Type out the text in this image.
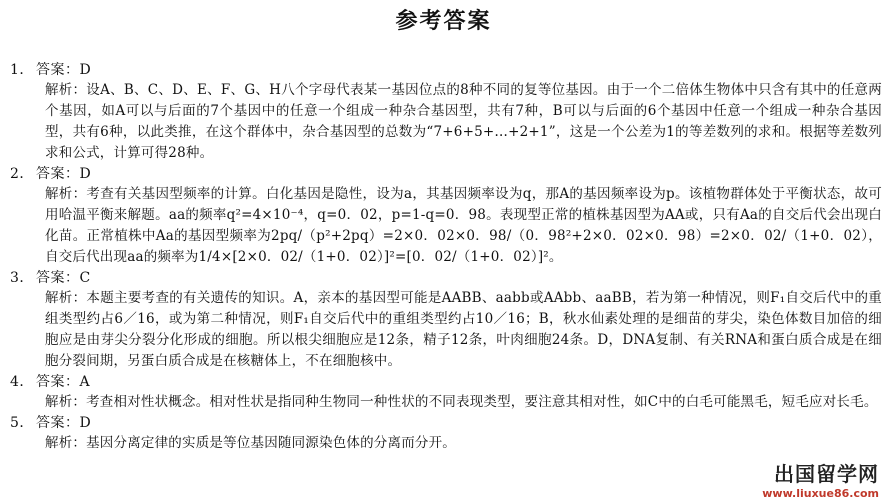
参考答案
1． 答案：D

解析：设A、B、C、D、E、F、G、H八个字母代表某一基因位点的8种不同的复等位基因。由于一个二倍体生物体中只含有其中的任意两个基因，如A可以与后面的7个基因中的任意一个组成一种杂合基因型，共有7种，B可以与后面的6个基因中任意一个组成一种杂合基因型，共有6种，以此类推，在这个群体中，杂合基因型的总数为“7+6+5+…+2+1”，这是一个公差为1的等差数列的求和。根据等差数列求和公式，计算可得28种。

2． 答案：D

解析：考查有关基因型频率的计算。白化基因是隐性，设为a，其基因频率设为q，那A的基因频率设为p。该植物群体处于平衡状态，故可用哈温平衡来解题。aa的频率q²=4×10⁻⁴，q=0．02，p=1-q=0．98。表现型正常的植株基因型为AA或，只有Aa的自交后代会出现白化苗。正常植株中Aa的基因型频率为2pq/（p²+2pq）=2×0．02×0．98/（0．98²+2×0．02×0．98）=2×0．02/（1+0．02），自交后代出现aa的频率为1/4×[2×0．02/（1+0．02）]²=[0．02/（1+0．02）]²。

3． 答案：C

解析：本题主要考查的有关遗传的知识。A，亲本的基因型可能是AABB、aabb或AAbb、aaBB，若为第一种情况，则F₁自交后代中的重组类型约占6／16，或为第二种情况，则F₁自交后代中的重组类型约占10／16；B，秋水仙素处理的是细苗的芽尖，染色体数目加倍的细胞应是由芽尖分裂分化形成的细胞。所以根尖细胞应是12条，精子12条，叶肉细胞24条。D，DNA复制、有关RNA和蛋白质合成是在细胞分裂间期，另蛋白质合成是在核糖体上，不在细胞核中。

4． 答案：A

解析：考查相对性状概念。相对性状是指同种生物同一种性状的不同表现类型，要注意其相对性，如C中的白毛可能黑毛，短毛应对长毛。

5． 答案：D

解析：基因分离定律的实质是等位基因随同源染色体的分离而分开。

出国留学网
www.liuxue86.com
